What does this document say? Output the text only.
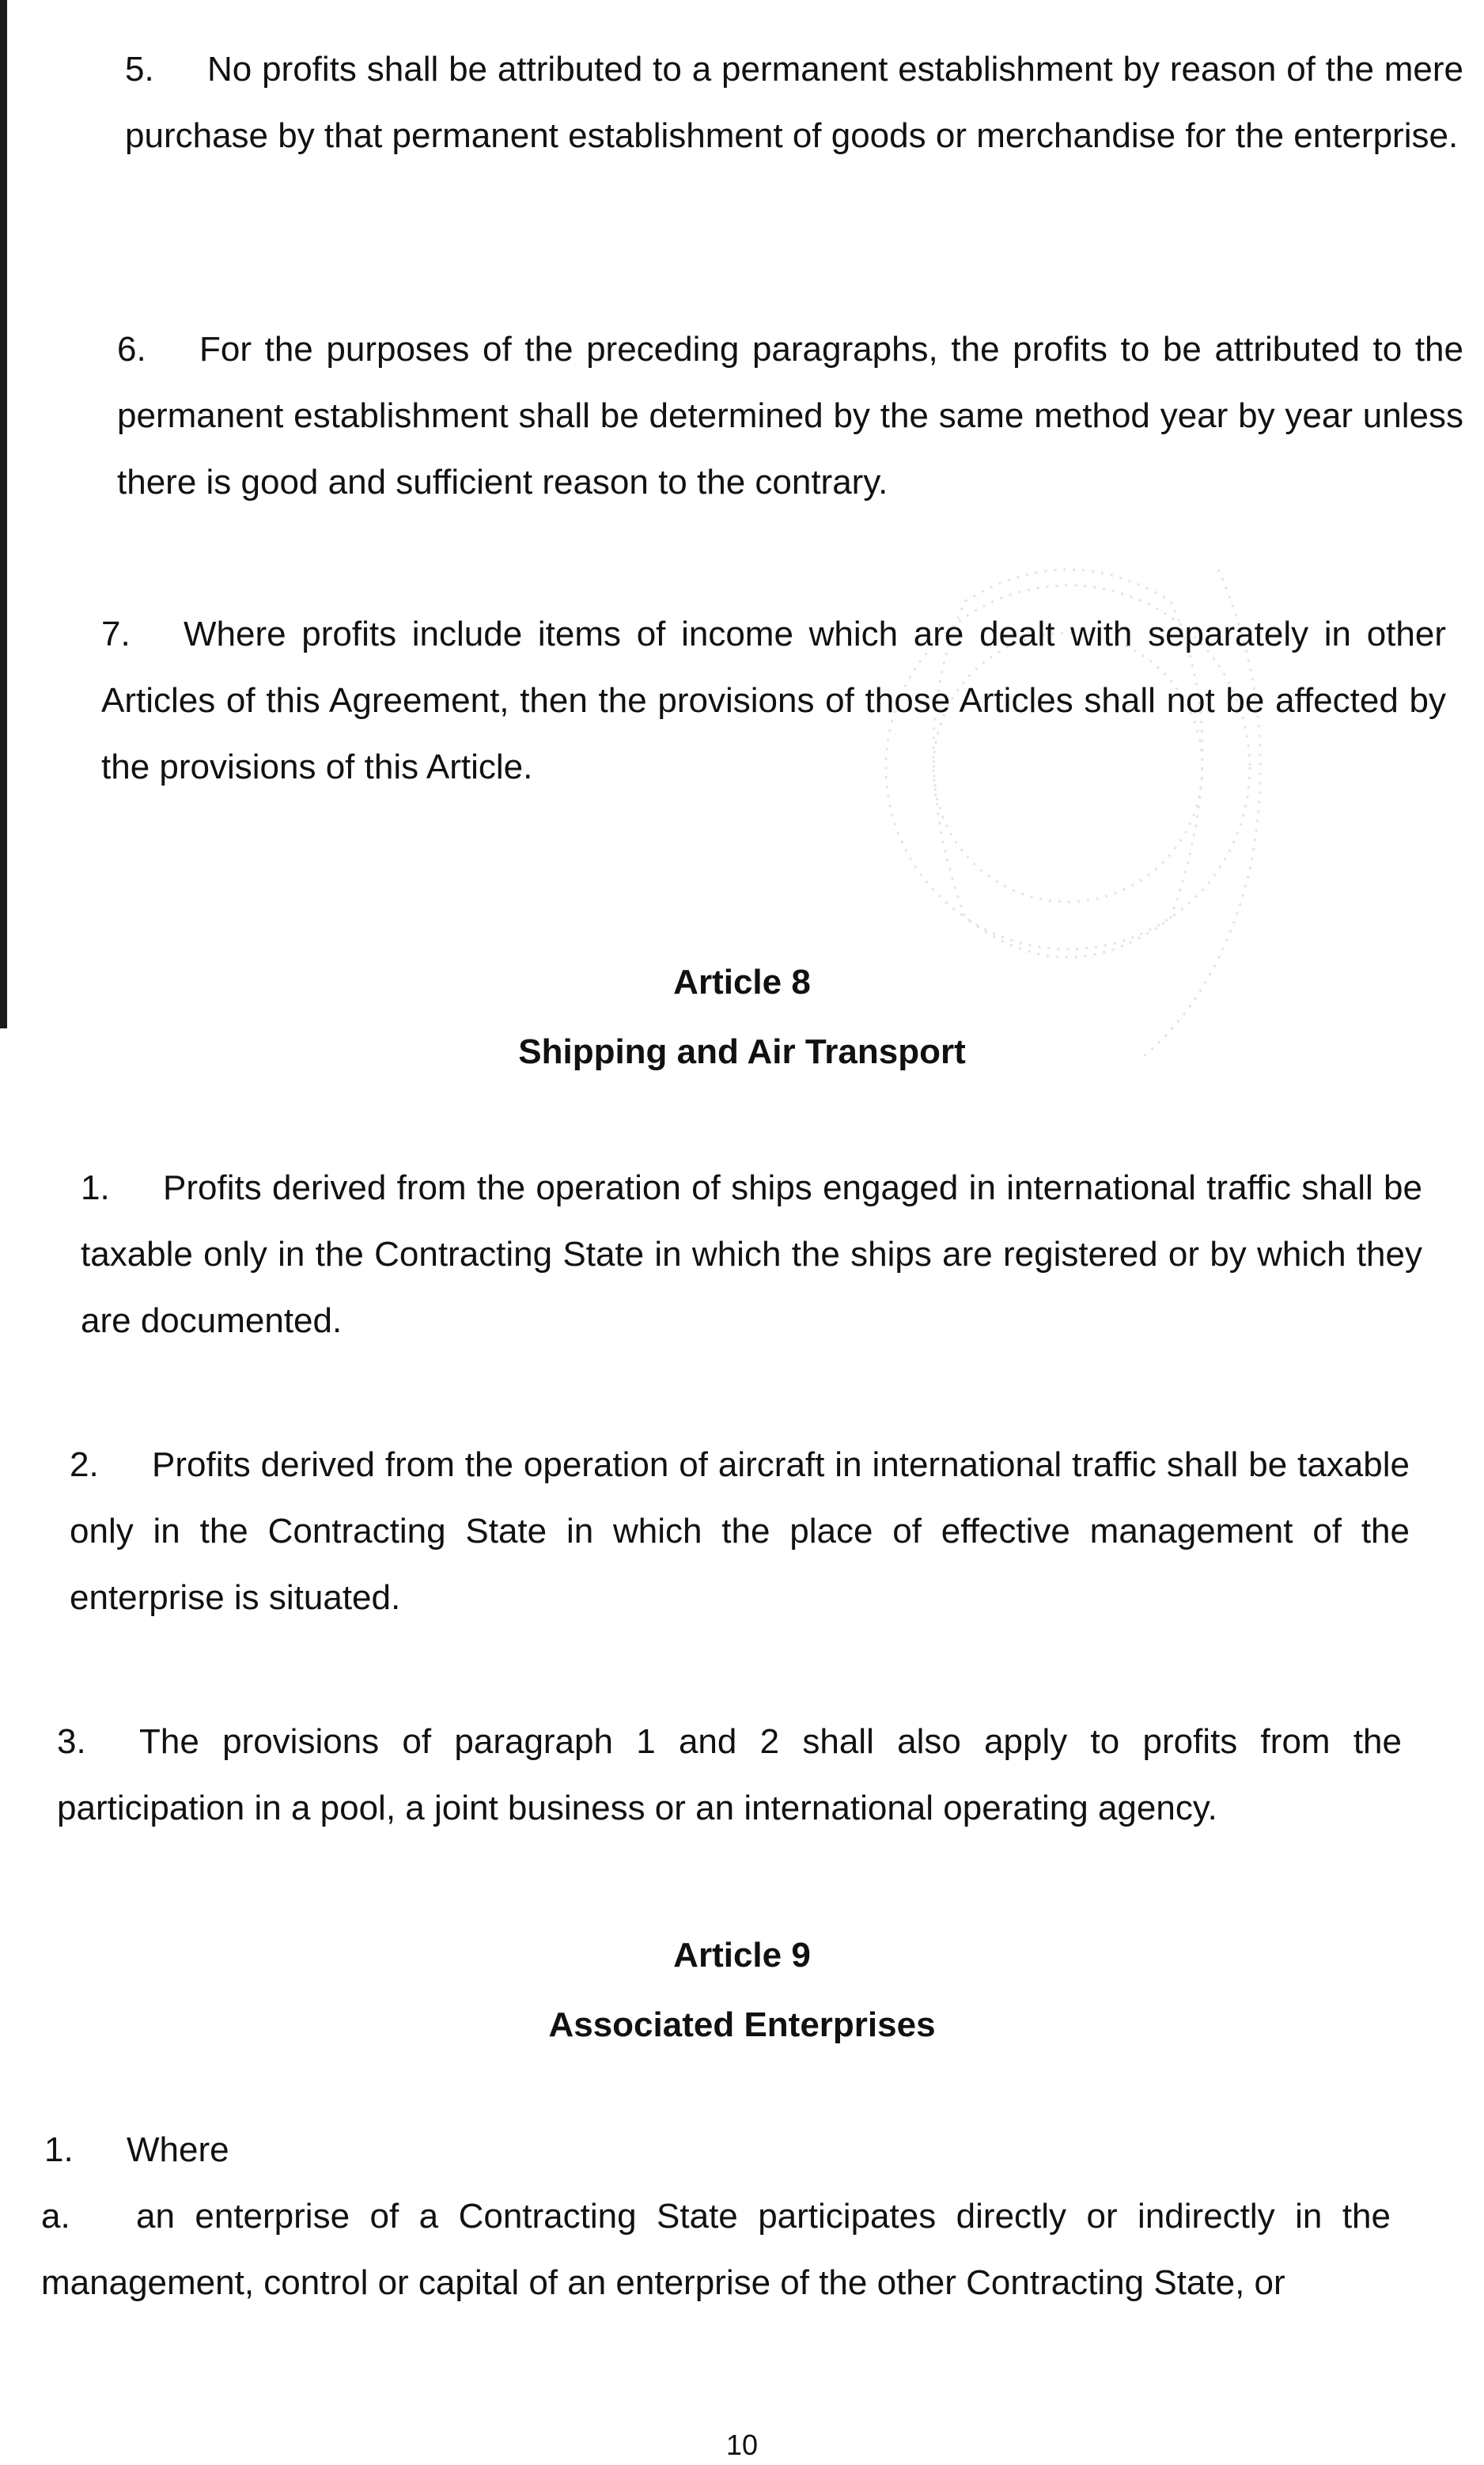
5. No profits shall be attributed to a permanent establishment by reason of the mere purchase by that permanent establishment of goods or merchandise for the enterprise.
6. For the purposes of the preceding paragraphs, the profits to be attributed to the permanent establishment shall be determined by the same method year by year unless there is good and sufficient reason to the contrary.
7. Where profits include items of income which are dealt with separately in other Articles of this Agreement, then the provisions of those Articles shall not be affected by the provisions of this Article.
Article 8
Shipping and Air Transport
1. Profits derived from the operation of ships engaged in international traffic shall be taxable only in the Contracting State in which the ships are registered or by which they are documented.
2. Profits derived from the operation of aircraft in international traffic shall be taxable only in the Contracting State in which the place of effective management of the enterprise is situated.
3. The provisions of paragraph 1 and 2 shall also apply to profits from the participation in a pool, a joint business or an international operating agency.
Article 9
Associated Enterprises
1. Where
a. an enterprise of a Contracting State participates directly or indirectly in the management, control or capital of an enterprise of the other Contracting State, or
10
